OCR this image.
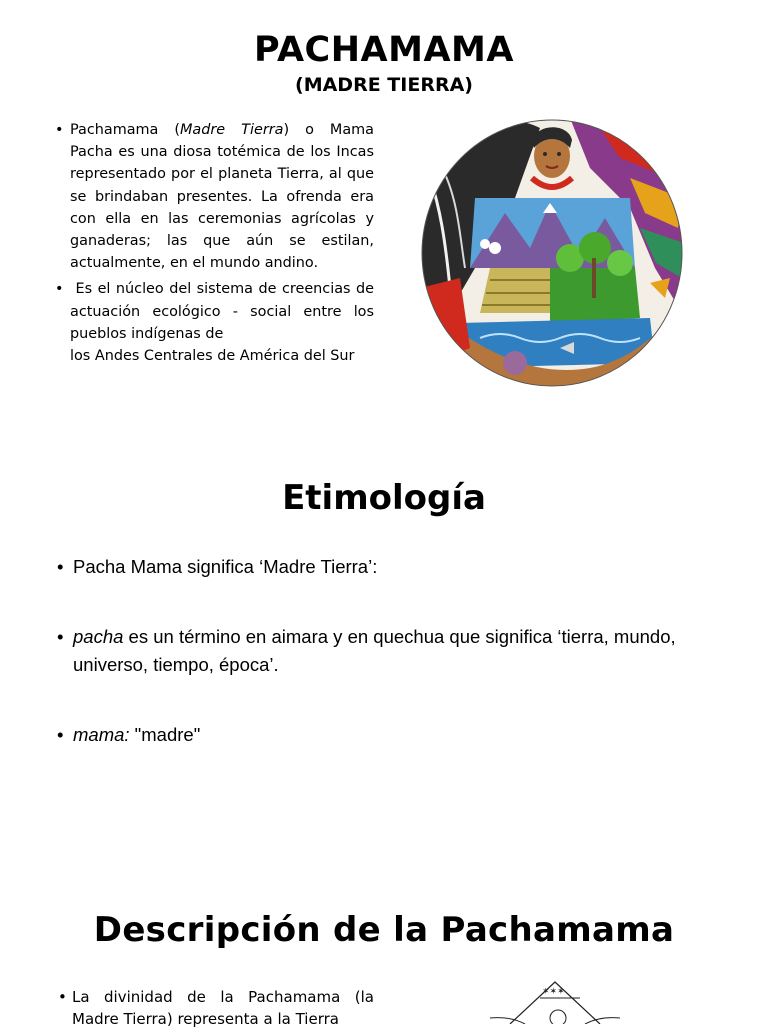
PACHAMAMA
(MADRE TIERRA)

• Pachamama (Madre Tierra) o Mama Pacha es una diosa totémica de los Incas representado por el planeta Tierra, al que se brindaban presentes. La ofrenda era con ella en las ceremonias agrícolas y ganaderas; las que aún se estilan, actualmente, en el mundo andino.

• Es el núcleo del sistema de creencias de actuación ecológico - social entre los pueblos indígenas de

los Andes Centrales de América del Sur

Etimología
• Pacha Mama significa ‘Madre Tierra’:
• pacha es un término en aimara y en quechua que significa ‘tierra, mundo, universo, tiempo, época’.
• mama: "madre"
Descripción de la Pachamama
• La divinidad de la Pachamama (la Madre Tierra) representa a la Tierra
✶✶✶
